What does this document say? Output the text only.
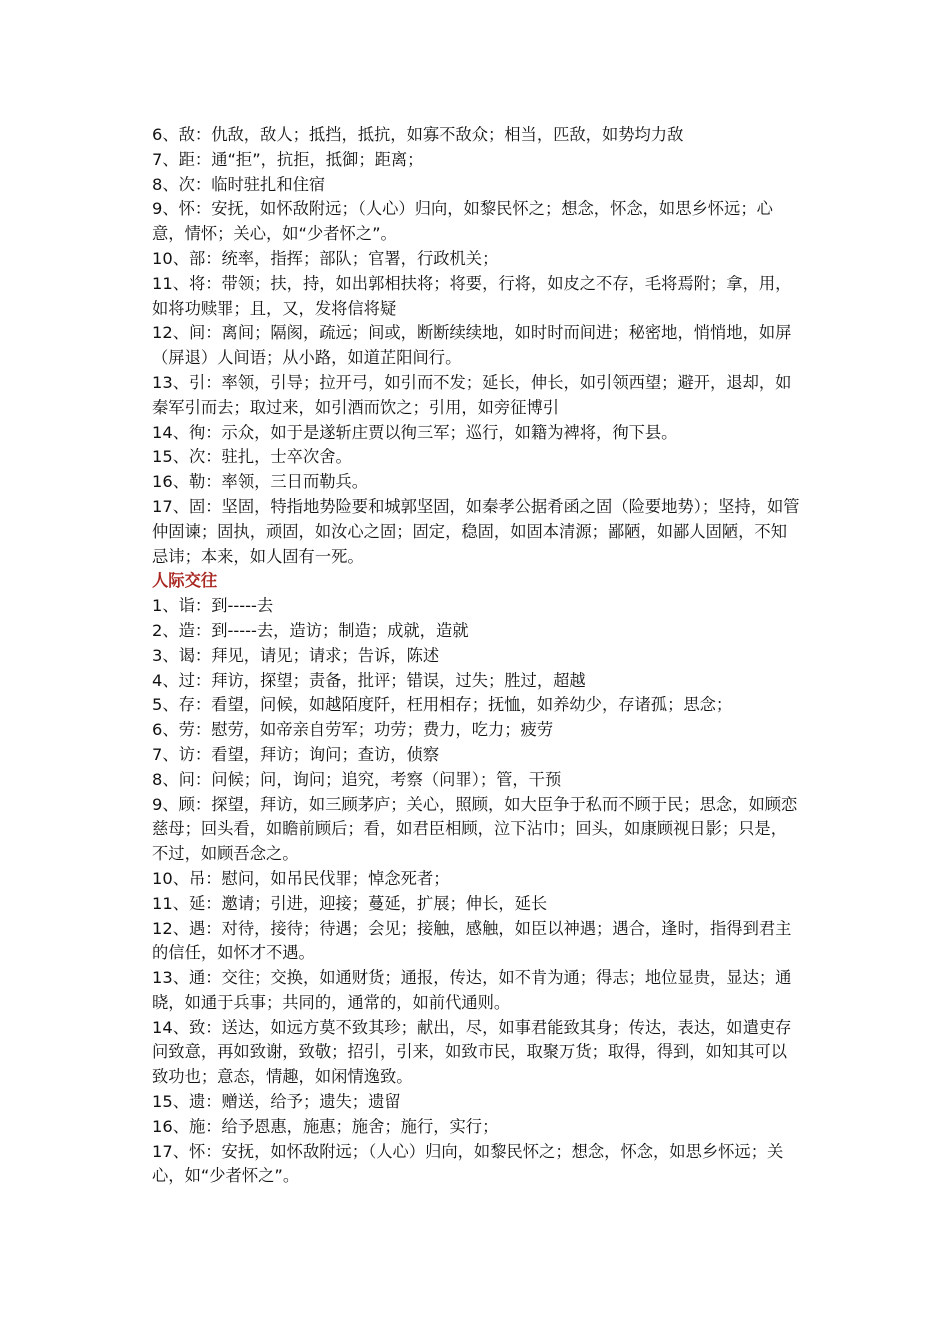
6、敌：仇敌，敌人；抵挡，抵抗，如寡不敌众；相当，匹敌，如势均力敌

7、距：通“拒”，抗拒，抵御；距离；

8、次：临时驻扎和住宿

9、怀：安抚，如怀敌附远；（人心）归向，如黎民怀之；想念，怀念，如思乡怀远；心意，情怀；关心，如“少者怀之”。

10、部：统率，指挥；部队；官署，行政机关；

11、将：带领；扶，持，如出郭相扶将；将要，行将，如皮之不存，毛将焉附；拿，用，如将功赎罪；且，又，发将信将疑

12、间：离间；隔阂，疏远；间或，断断续续地，如时时而间进；秘密地，悄悄地，如屏（屏退）人间语；从小路，如道芷阳间行。

13、引：率领，引导；拉开弓，如引而不发；延长，伸长，如引领西望；避开，退却，如秦军引而去；取过来，如引酒而饮之；引用，如旁征博引

14、徇：示众，如于是遂斩庄贾以徇三军；巡行，如籍为裨将，徇下县。

15、次：驻扎，士卒次舍。

16、勒：率领，三日而勒兵。

17、固：坚固，特指地势险要和城郭坚固，如秦孝公据肴函之固（险要地势）；坚持，如管仲固谏；固执，顽固，如汝心之固；固定，稳固，如固本清源；鄙陋，如鄙人固陋，不知忌讳；本来，如人固有一死。

人际交往

1、诣：到-----去

2、造：到-----去，造访；制造；成就，造就

3、谒：拜见，请见；请求；告诉，陈述

4、过：拜访，探望；责备，批评；错误，过失；胜过，超越

5、存：看望，问候，如越陌度阡，枉用相存；抚恤，如养幼少，存诸孤；思念；

6、劳：慰劳，如帝亲自劳军；功劳；费力，吃力；疲劳

7、访：看望，拜访；询问；查访，侦察

8、问：问候；问，询问；追究，考察（问罪）；管，干预

9、顾：探望，拜访，如三顾茅庐；关心，照顾，如大臣争于私而不顾于民；思念，如顾恋慈母；回头看，如瞻前顾后；看，如君臣相顾，泣下沾巾；回头，如康顾视日影；只是，不过，如顾吾念之。

10、吊：慰问，如吊民伐罪；悼念死者；

11、延：邀请；引进，迎接；蔓延，扩展；伸长，延长

12、遇：对待，接待；待遇；会见；接触，感触，如臣以神遇；遇合，逢时，指得到君主的信任，如怀才不遇。

13、通：交往；交换，如通财货；通报，传达，如不肯为通；得志；地位显贵，显达；通晓，如通于兵事；共同的，通常的，如前代通则。

14、致：送达，如远方莫不致其珍；献出，尽，如事君能致其身；传达，表达，如遣吏存问致意，再如致谢，致敬；招引，引来，如致市民，取聚万货；取得，得到，如知其可以致功也；意态，情趣，如闲情逸致。

15、遗：赠送，给予；遗失；遗留

16、施：给予恩惠，施惠；施舍；施行，实行；

17、怀：安抚，如怀敌附远；（人心）归向，如黎民怀之；想念，怀念，如思乡怀远；关心，如“少者怀之”。
